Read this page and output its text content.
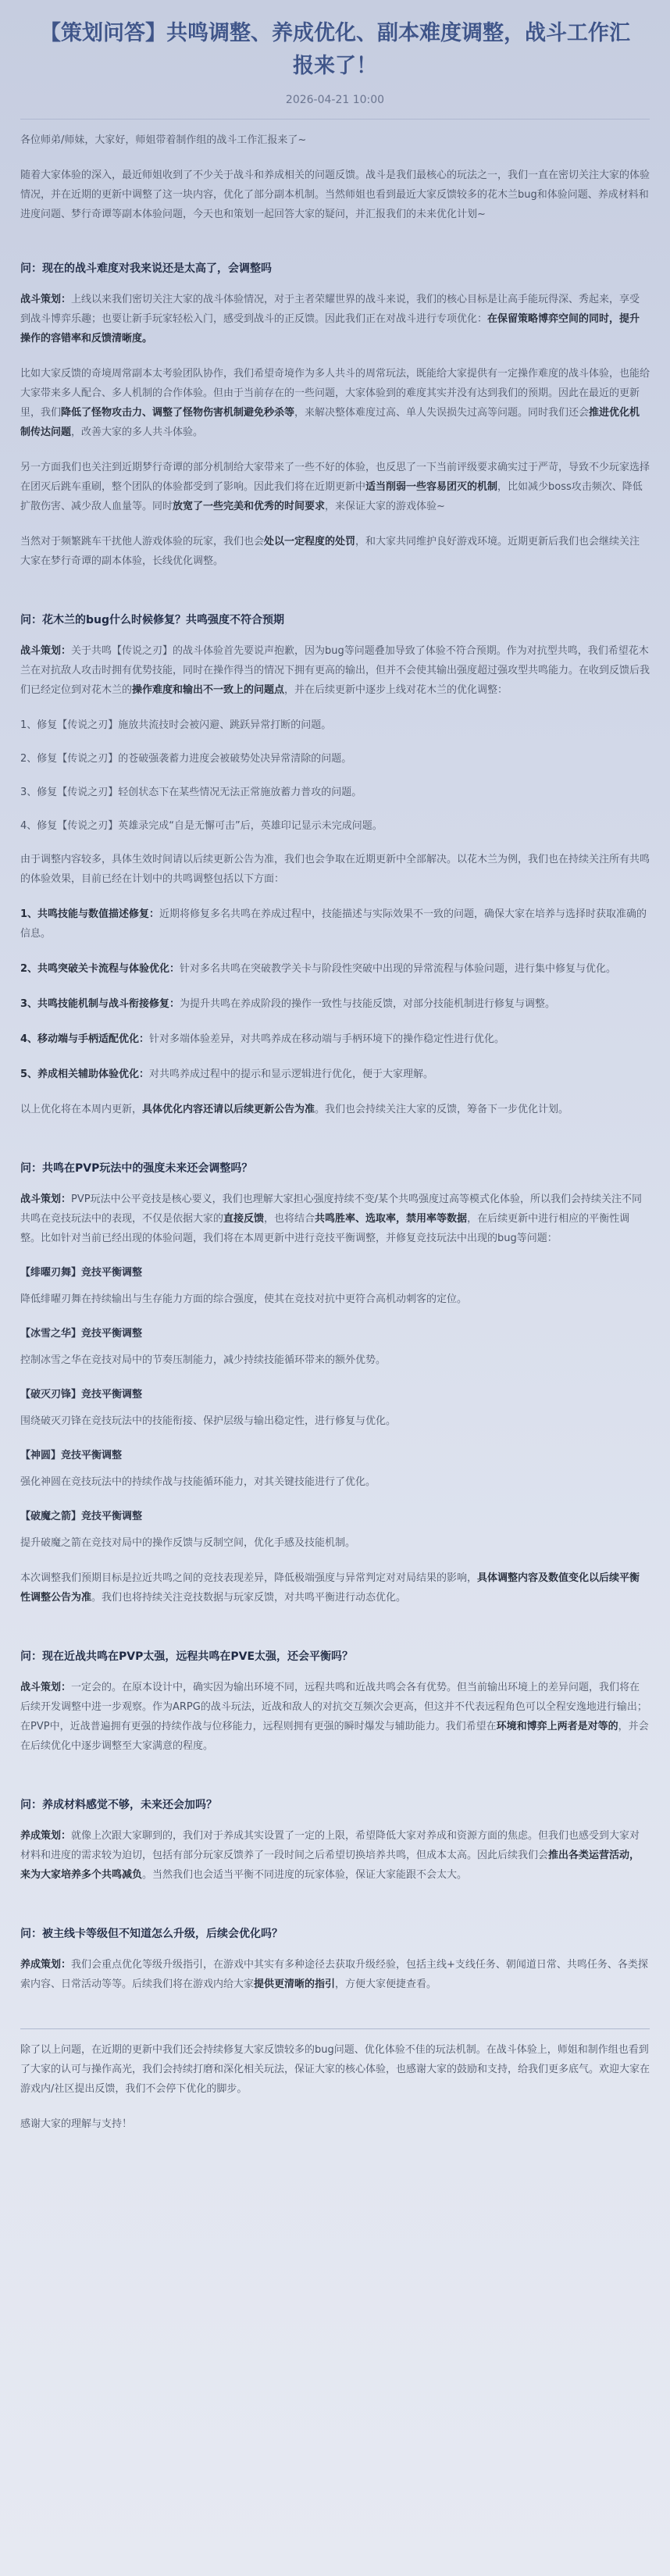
【策划问答】共鸣调整、养成优化、副本难度调整，战斗工作汇报来了！
2026-04-21 10:00

各位师弟/师妹，大家好，师姐带着制作组的战斗工作汇报来了~

随着大家体验的深入，最近师姐收到了不少关于战斗和养成相关的问题反馈。战斗是我们最核心的玩法之一，我们一直在密切关注大家的体验情况，并在近期的更新中调整了这一块内容，优化了部分副本机制。当然师姐也看到最近大家反馈较多的花木兰bug和体验问题、养成材料和进度问题、梦行奇谭等副本体验问题，今天也和策划一起回答大家的疑问，并汇报我们的未来优化计划~

问：现在的战斗难度对我来说还是太高了，会调整吗

战斗策划：上线以来我们密切关注大家的战斗体验情况，对于主者荣耀世界的战斗来说，我们的核心目标是让高手能玩得深、秀起来，享受到战斗博弈乐趣；也要让新手玩家轻松入门，感受到战斗的正反馈。因此我们正在对战斗进行专项优化：在保留策略博弈空间的同时，提升操作的容错率和反馈清晰度。

比如大家反馈的奇境周常副本太考验团队协作，我们希望奇境作为多人共斗的周常玩法，既能给大家提供有一定操作难度的战斗体验，也能给大家带来多人配合、多人机制的合作体验。但由于当前存在的一些问题，大家体验到的难度其实并没有达到我们的预期。因此在最近的更新里，我们降低了怪物攻击力、调整了怪物伤害机制避免秒杀等，来解决整体难度过高、单人失误损失过高等问题。同时我们还会推进优化机制传达问题，改善大家的多人共斗体验。

另一方面我们也关注到近期梦行奇谭的部分机制给大家带来了一些不好的体验，也反思了一下当前评级要求确实过于严苛，导致不少玩家选择在团灭后跳车重刷，整个团队的体验都受到了影响。因此我们将在近期更新中适当削弱一些容易团灭的机制，比如减少boss攻击频次、降低扩散伤害、减少敌人血量等。同时放宽了一些完美和优秀的时间要求，来保证大家的游戏体验~

当然对于频繁跳车干扰他人游戏体验的玩家，我们也会处以一定程度的处罚，和大家共同维护良好游戏环境。近期更新后我们也会继续关注大家在梦行奇谭的副本体验，长线优化调整。

问：花木兰的bug什么时候修复？共鸣强度不符合预期

战斗策划：关于共鸣【传说之刃】的战斗体验首先要说声抱歉，因为bug等问题叠加导致了体验不符合预期。作为对抗型共鸣，我们希望花木兰在对抗敌人攻击时拥有优势技能，同时在操作得当的情况下拥有更高的输出，但并不会使其输出强度超过强攻型共鸣能力。在收到反馈后我们已经定位到对花木兰的操作难度和输出不一致上的问题点，并在后续更新中逐步上线对花木兰的优化调整：

1、修复【传说之刃】施放共流技时会被闪避、跳跃异常打断的问题。
2、修复【传说之刃】的苍破强袭蓄力进度会被破势处决异常清除的问题。
3、修复【传说之刃】轻创状态下在某些情况无法正常施放蓄力普攻的问题。
4、修复【传说之刃】英雄录完成“自是无懈可击”后，英雄印记显示未完成问题。

由于调整内容较多，具体生效时间请以后续更新公告为准，我们也会争取在近期更新中全部解决。以花木兰为例，我们也在持续关注所有共鸣的体验效果，目前已经在计划中的共鸣调整包括以下方面：

1、共鸣技能与数值描述修复：近期将修复多名共鸣在养成过程中，技能描述与实际效果不一致的问题，确保大家在培养与选择时获取准确的信息。

2、共鸣突破关卡流程与体验优化：针对多名共鸣在突破教学关卡与阶段性突破中出现的异常流程与体验问题，进行集中修复与优化。

3、共鸣技能机制与战斗衔接修复：为提升共鸣在养成阶段的操作一致性与技能反馈，对部分技能机制进行修复与调整。

4、移动端与手柄适配优化：针对多端体验差异，对共鸣养成在移动端与手柄环境下的操作稳定性进行优化。

5、养成相关辅助体验优化：对共鸣养成过程中的提示和显示逻辑进行优化，便于大家理解。

以上优化将在本周内更新，具体优化内容还请以后续更新公告为准。我们也会持续关注大家的反馈，筹备下一步优化计划。

问：共鸣在PVP玩法中的强度未来还会调整吗？

战斗策划：PVP玩法中公平竞技是核心要义，我们也理解大家担心强度持续不变/某个共鸣强度过高等模式化体验，所以我们会持续关注不同共鸣在竞技玩法中的表现，不仅是依据大家的直接反馈，也将结合共鸣胜率、选取率，禁用率等数据，在后续更新中进行相应的平衡性调整。比如针对当前已经出现的体验问题，我们将在本周更新中进行竞技平衡调整，并修复竞技玩法中出现的bug等问题：

【绯曜刃舞】竞技平衡调整

降低绯曜刃舞在持续输出与生存能力方面的综合强度，使其在竞技对抗中更符合高机动刺客的定位。

【冰雪之华】竞技平衡调整

控制冰雪之华在竞技对局中的节奏压制能力，减少持续技能循环带来的额外优势。

【破灭刃锋】竞技平衡调整

围绕破灭刃锋在竞技玩法中的技能衔接、保护层级与输出稳定性，进行修复与优化。

【神圆】竞技平衡调整

强化神圆在竞技玩法中的持续作战与技能循环能力，对其关键技能进行了优化。

【破魔之箭】竞技平衡调整

提升破魔之箭在竞技对局中的操作反馈与反制空间，优化手感及技能机制。

本次调整我们预期目标是拉近共鸣之间的竞技表现差异，降低极端强度与异常判定对对局结果的影响，具体调整内容及数值变化以后续平衡性调整公告为准。我们也将持续关注竞技数据与玩家反馈，对共鸣平衡进行动态优化。

问：现在近战共鸣在PVP太强，远程共鸣在PVE太强，还会平衡吗？

战斗策划：一定会的。在原本设计中，确实因为输出环境不同，远程共鸣和近战共鸣会各有优势。但当前输出环境上的差异问题，我们将在后续开发调整中进一步观察。作为ARPG的战斗玩法，近战和敌人的对抗交互频次会更高，但这并不代表远程角色可以全程安逸地进行输出；在PVP中，近战普遍拥有更强的持续作战与位移能力，远程则拥有更强的瞬时爆发与辅助能力。我们希望在环境和博弈上两者是对等的，并会在后续优化中逐步调整至大家满意的程度。

问：养成材料感觉不够，未来还会加吗？

养成策划：就像上次跟大家聊到的，我们对于养成其实设置了一定的上限，希望降低大家对养成和资源方面的焦虑。但我们也感受到大家对材料和进度的需求较为迫切，包括有部分玩家反馈养了一段时间之后希望切换培养共鸣，但成本太高。因此后续我们会推出各类运营活动，来为大家培养多个共鸣减负。当然我们也会适当平衡不同进度的玩家体验，保证大家能跟不会太大。

问：被主线卡等级但不知道怎么升级，后续会优化吗？

养成策划：我们会重点优化等级升级指引，在游戏中其实有多种途径去获取升级经验，包括主线+支线任务、朝闻道日常、共鸣任务、各类探索内容、日常活动等等。后续我们将在游戏内给大家提供更清晰的指引，方便大家便捷查看。

除了以上问题，在近期的更新中我们还会持续修复大家反馈较多的bug问题、优化体验不佳的玩法机制。在战斗体验上，师姐和制作组也看到了大家的认可与操作高光，我们会持续打磨和深化相关玩法，保证大家的核心体验，也感谢大家的鼓励和支持，给我们更多底气。欢迎大家在游戏内/社区提出反馈，我们不会停下优化的脚步。

感谢大家的理解与支持！
